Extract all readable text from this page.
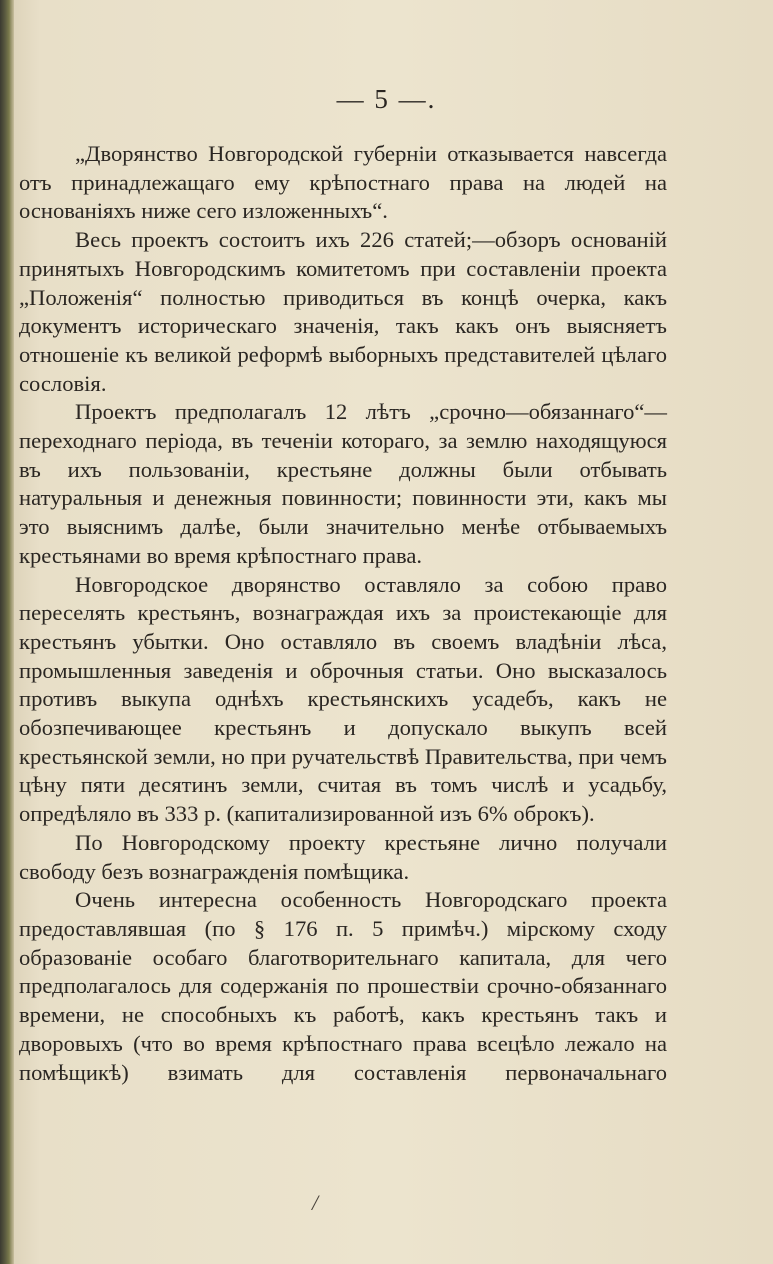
— 5 —.

„Дворянство Новгородской губерніи отказывается навсегда отъ принадлежащаго ему крѣпостнаго права на людей на основаніяхъ ниже сего изложенныхъ“.

Весь проектъ состоитъ ихъ 226 статей;—обзоръ основаній принятыхъ Новгородскимъ комитетомъ при составленіи проекта „Положенія“ полностью приводиться въ концѣ очерка, какъ документъ историческаго значенія, такъ какъ онъ выясняетъ отношеніе къ великой реформѣ выборныхъ представителей цѣлаго сословія.

Проектъ предполагалъ 12 лѣтъ „срочно—обязаннаго“—переходнаго періода, въ теченіи котораго, за землю находящуюся въ ихъ пользованіи, крестьяне должны были отбывать натуральныя и денежныя повинности; повинности эти, какъ мы это выяснимъ далѣе, были значительно менѣе отбываемыхъ крестьянами во время крѣпостнаго права.

Новгородское дворянство оставляло за собою право переселять крестьянъ, вознаграждая ихъ за проистекающіе для крестьянъ убытки. Оно оставляло въ своемъ владѣніи лѣса, промышленныя заведенія и оброчныя статьи. Оно высказалось противъ выкупа однѣхъ крестьянскихъ усадебъ, какъ не обозпечивающее крестьянъ и допускало выкупъ всей крестьянской земли, но при ручательствѣ Правительства, при чемъ цѣну пяти десятинъ земли, считая въ томъ числѣ и усадьбу, опредѣляло въ 333 р. (капитализированной изъ 6% оброкъ).

По Новгородскому проекту крестьяне лично получали свободу безъ вознагражденія помѣщика.

Очень интересна особенность Новгородскаго проекта предоставлявшая (по § 176 п. 5 примѣч.) мірскому сходу образованіе особаго благотворительнаго капитала, для чего предполагалось для содержанія по прошествіи срочно-обязаннаго времени, не способныхъ къ работѣ, какъ крестьянъ такъ и дворовыхъ (что во время крѣпостнаго права всецѣло лежало на помѣщикѣ) взимать для составленія первоначальнаго

/
